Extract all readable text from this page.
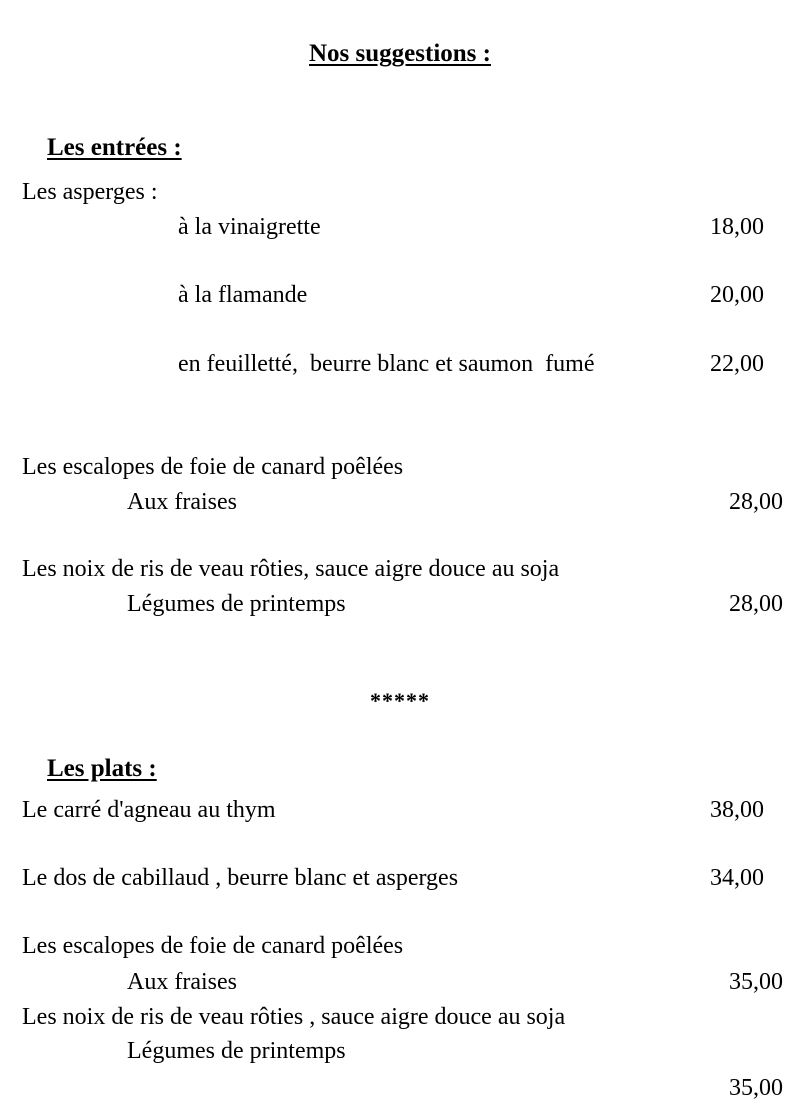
Nos suggestions :

Les entrées :

Les asperges :
à la vinaigrette	18,00
à la flamande	20,00
en feuilletté,  beurre blanc et saumon  fumé	22,00
Les escalopes de foie de canard poêlées
Aux fraises	28,00
Les noix de ris de veau rôties, sauce aigre douce au soja
Légumes de printemps	28,00
*****

Les plats :

Le carré d'agneau au thym	38,00
Le dos de cabillaud , beurre blanc et asperges	34,00
Les escalopes de foie de canard poêlées
Aux fraises	35,00
Les noix de ris de veau rôties , sauce aigre douce au soja
Légumes de printemps
35,00
